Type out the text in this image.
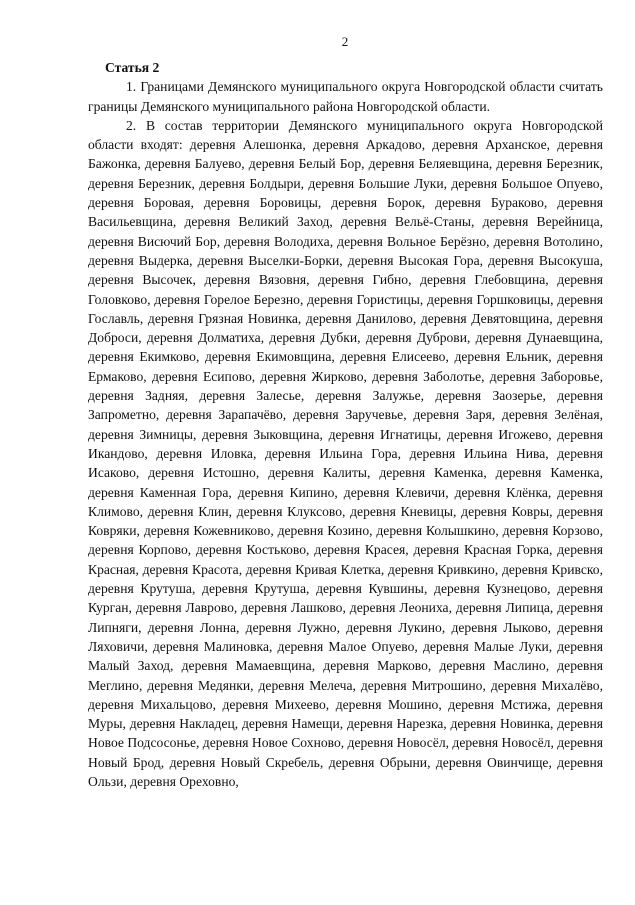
2

Статья 2

1. Границами Демянского муниципального округа Новгородской области считать границы Демянского муниципального района Новгородской области.

2. В состав территории Демянского муниципального округа Новгородской области входят: деревня Алешонка, деревня Аркадово, деревня Арханское, деревня Бажонка, деревня Балуево, деревня Белый Бор, деревня Беляевщина, деревня Березник, деревня Березник, деревня Болдыри, деревня Большие Луки, деревня Большое Опуево, деревня Боровая, деревня Боровицы, деревня Борок, деревня Бураково, деревня Васильевщина, деревня Великий Заход, деревня Вельё-Станы, деревня Верейница, деревня Висючий Бор, деревня Володиха, деревня Вольное Берёзно, деревня Вотолино, деревня Выдерка, деревня Выселки-Борки, деревня Высокая Гора, деревня Высокуша, деревня Высочек, деревня Вязовня, деревня Гибно, деревня Глебовщина, деревня Головково, деревня Горелое Березно, деревня Гористицы, деревня Горшковицы, деревня Гославль, деревня Грязная Новинка, деревня Данилово, деревня Девятовщина, деревня Доброси, деревня Долматиха, деревня Дубки, деревня Дуброви, деревня Дунаевщина, деревня Екимково, деревня Екимовщина, деревня Елисеево, деревня Ельник, деревня Ермаково, деревня Есипово, деревня Жирково, деревня Заболотье, деревня Заборовье, деревня Задняя, деревня Залесье, деревня Залужье, деревня Заозерье, деревня Запрометно, деревня Зарапачёво, деревня Заручевье, деревня Заря, деревня Зелёная, деревня Зимницы, деревня Зыковщина, деревня Игнатицы, деревня Игожево, деревня Икандово, деревня Иловка, деревня Ильина Гора, деревня Ильина Нива, деревня Исаково, деревня Истошно, деревня Калиты, деревня Каменка, деревня Каменка, деревня Каменная Гора, деревня Кипино, деревня Клевичи, деревня Клёнка, деревня Климово, деревня Клин, деревня Клуксово, деревня Кневицы, деревня Ковры, деревня Ковряки, деревня Кожевниково, деревня Козино, деревня Колышкино, деревня Корзово, деревня Корпово, деревня Костьково, деревня Красея, деревня Красная Горка, деревня Красная, деревня Красота, деревня Кривая Клетка, деревня Кривкино, деревня Кривско, деревня Крутуша, деревня Крутуша, деревня Кувшины, деревня Кузнецово, деревня Курган, деревня Лаврово, деревня Лашково, деревня Леониха, деревня Липица, деревня Липняги, деревня Лонна, деревня Лужно, деревня Лукино, деревня Лыково, деревня Ляховичи, деревня Малиновка, деревня Малое Опуево, деревня Малые Луки, деревня Малый Заход, деревня Мамаевщина, деревня Марково, деревня Маслино, деревня Меглино, деревня Медянки, деревня Мелеча, деревня Митрошино, деревня Михалёво, деревня Михальцово, деревня Михеево, деревня Мошино, деревня Мстижа, деревня Муры, деревня Накладец, деревня Намещи, деревня Нарезка, деревня Новинка, деревня Новое Подсосонье, деревня Новое Сохново, деревня Новосёл, деревня Новосёл, деревня Новый Брод, деревня Новый Скребель, деревня Обрыни, деревня Овинчище, деревня Ользи, деревня Ореховно,
